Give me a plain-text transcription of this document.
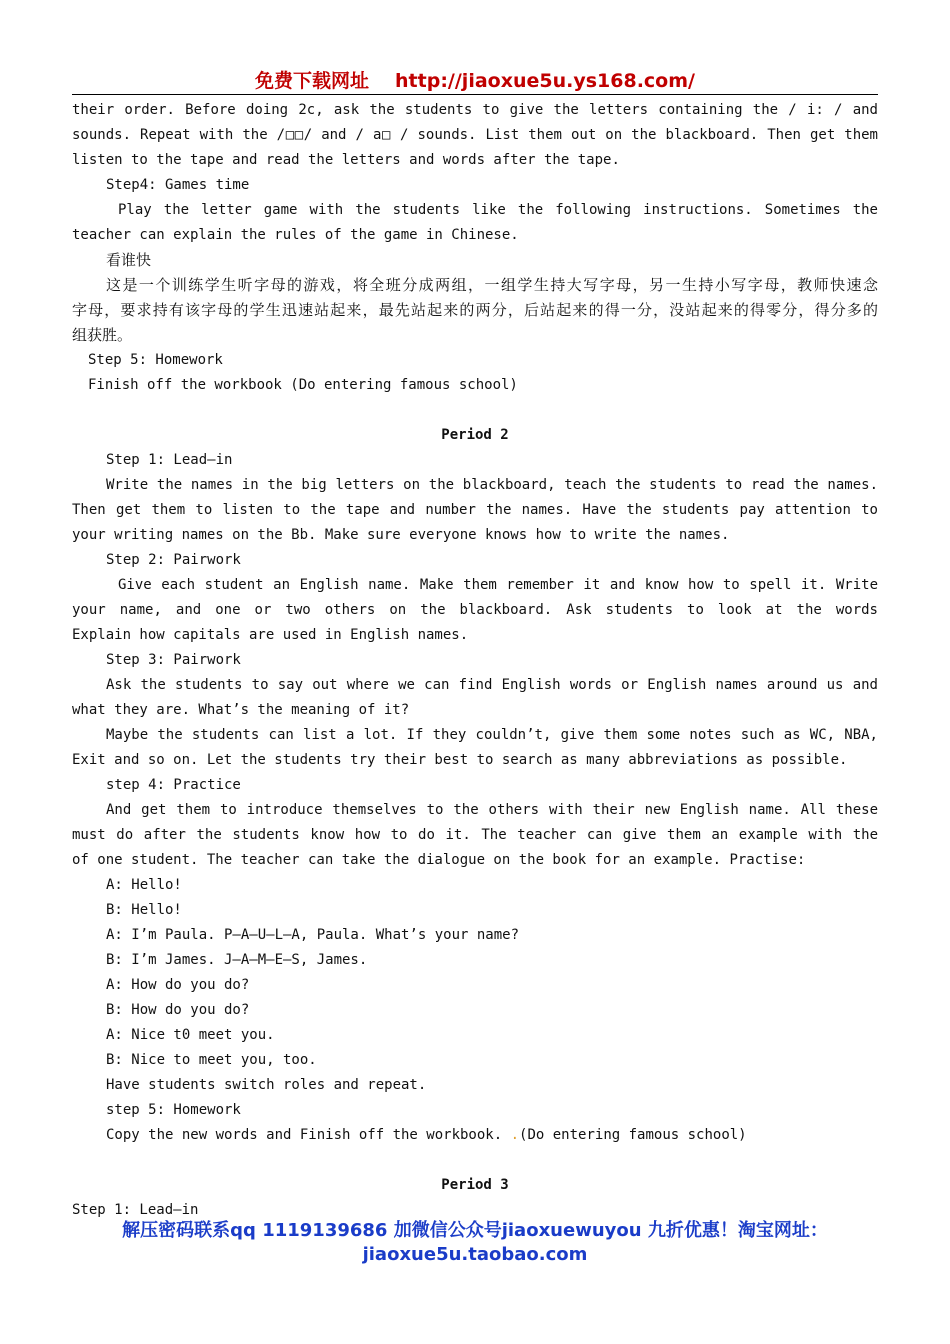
免费下载网址 http://jiaoxue5u.ys168.com/
their order. Before doing 2c, ask the students to give the letters containing the / i: / and
sounds. Repeat with the /□□/ and / a□ / sounds. List them out on the blackboard. Then get them
listen to the tape and read the letters and words after the tape.
Step4: Games time
Play the letter game with the students like the following instructions. Sometimes the
teacher can explain the rules of the game in Chinese.
看谁快
这是一个训练学生听字母的游戏，将全班分成两组，一组学生持大写字母，另一生持小写字母，教师快速念
字母，要求持有该字母的学生迅速站起来，最先站起来的两分，后站起来的得一分，没站起来的得零分，得分多的
组获胜。
Step 5: Homework
Finish off the workbook (Do entering famous school)
Period 2
Step 1: Lead—in
Write the names in the big letters on the blackboard, teach the students to read the names.
Then get them to listen to the tape and number the names. Have the students pay attention to
your writing names on the Bb. Make sure everyone knows how to write the names.
Step 2: Pairwork
Give each student an English name. Make them remember it and know how to spell it. Write
your name, and one or two others on the blackboard. Ask students to look at the words
Explain how capitals are used in English names.
Step 3: Pairwork
Ask the students to say out where we can find English words or English names around us and
what they are. What’s the meaning of it?
Maybe the students can list a lot. If they couldn’t, give them some notes such as WC, NBA,
Exit and so on. Let the students try their best to search as many abbreviations as possible.
step 4: Practice
And get them to introduce themselves to the others with their new English name. All these
must do after the students know how to do it. The teacher can give them an example with the
of one student. The teacher can take the dialogue on the book for an example. Practise:
A: Hello!
B: Hello!
A: I’m Paula. P—A—U—L—A, Paula. What’s your name?
B: I’m James. J—A—M—E—S, James.
A: How do you do?
B: How do you do?
A: Nice t0 meet you.
B: Nice to meet you, too.
Have students switch roles and repeat.
step 5: Homework
Copy the new words and Finish off the workbook. .(Do entering famous school)
Period 3
Step 1: Lead—in
解压密码联系qq 1119139686 加微信公众号jiaoxuewuyou 九折优惠！淘宝网址：
jiaoxue5u.taobao.com
